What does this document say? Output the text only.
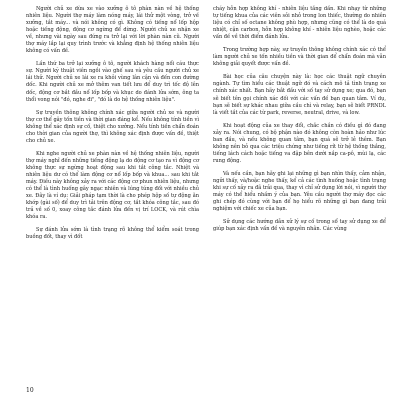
Người chủ xe dừa xe vào xưởng ô tô phàn nàn về hệ thống nhiên liệu. Người thợ máy làm nóng máy, lái thử một vòng, trở về xưởng, tắt máy... và nói không có gì. Không có tiếng nổ lốp hộp hoặc tiếng động, động cơ ngừng để dừng. Người chủ xe nhận xe về, nhưng vài ngày sau đứng ra trở lại với lời phàn nàn cũ. Người thợ máy lắp lại quy trình trước và khẳng định hệ thống nhiên liệu không có vấn đề.

Lần thứ ba trở lại xưởng ô tô, người khách hàng nổi cáu thực sự. Người kỹ thuật viên ngồi vào ghế sau và yêu cầu người chủ xe lái thử. Người chủ xe lái xe ra khỏi vùng lân cận và đến con đường dốc. Khi người chủ xe mở thêm van tiết lưu để duy trì tốc độ lên dốc, động cơ bắt đầu nổ lốp bốp và khục do đánh lửa sớm, ông ta thổi vong nói "đó, nghe đi", "đó là do hệ thống nhiên liệu".

Sự truyền thông không chính xác giữa người chủ xe và người thợ cơ thể gây tốn tiền và thời gian đáng kể. Nếu không tính tiền vì không thể xác định sự cố, thiệt cho xưởng. Nếu tính tiền chẩn đoán cho thời gian của người thợ, thì không xác định được vấn đề, thiệt cho chủ xe.

Khi nghe người chủ xe phàn nàn về hệ thống nhiên liệu, người thợ máy nghĩ đến những tiếng động lạ do động cơ tạo ra vì động cơ không thực sự ngừng hoạt động sau khi tắt công tắc. Nhiệt và nhiên liệu dư có thể làm động cơ nổ lốp bốp và khua... sau khi tắt máy. Điều này không xảy ra với các động cơ phun nhiên liệu, nhưng có thể là tình huống gây ngạc nhiên và lúng túng đối với nhiều chủ xe. Đây là ví dụ: Giải pháp tạm thời là cho phép hộp số tự động ăn khớp (gài số) để duy trì tải trên động cơ, tắt khóa công tắc, sau đó trả về số 0, xoay công tắc đánh lửa đến vị trí LOCK, và rút chìa khóa ra.

Sự đánh lửa sớm là tình trạng rõ không thể kiểm soát trong buồng đốt, thay vì đốt

cháy hỗn hợp không khí - nhiên liệu tăng dần. Khi nhạy từ những tự tiếng khua của các viên sỏi nhỏ trong lon thiếc, thường do nhiên liệu có chỉ số octane không phù hợp, nhưng cũng có thể là do quá nhiệt, cặn carbon, hỗn hợp không khí - nhiên liệu nghèo, hoặc các vấn đề về thời điểm đánh lửa.

Trong trường hợp này, sự truyền thông không chính xác có thể làm người chủ xe tốn nhiều tiền và thời gian để chẩn đoán mà vẫn không giải quyết được vấn đề.

Bài học của câu chuyện này là: học các thuật ngữ chuyên ngành. Tự tìm hiểu các thuật ngữ đó và cách mô tả tình trạng xe chính xác nhất. Bạn hãy bắt đầu với số tay sử dụng xe; qua đó, bạn sẽ biết tên gọi chính xác đối với các vấn đề bạn quan tâm. Ví dụ, bạn sẽ biết sự khác nhau giữa cầu chì và relay, bạn sẽ biết PRNDL là viết tắt của các từ park, reverse, neutral, drive, và low.

Khi hoạt động của xe thay đổi, chắc chắn có điều gì đó đang xảy ra. Nói chung, có bộ phận nào đó không còn hoàn hảo như lúc ban đầu, và nếu không quan tâm, bạn quá sẽ trở lẻ thêm. Bạn không nên bỏ qua các triệu chứng như tiếng rít từ hệ thống thắng, tiếng lách cách hoặc tiếng va đập bên dưới nắp ca-pô, mùi lạ, các rung động.

Và nếu cần, bạn hãy ghi lại những gì bạn nhìn thấy, cảm nhận, ngửi thấy, và/hoặc nghe thấy, kể cả các tình huống hoặc tình trạng khi sự cố xảy ra đã trải qua, thay vì chỉ sử dụng lời nói, vì người thợ máy có thể hiểu nhầm ý của bạn. Yêu cầu người thợ máy đọc các ghi chép đó cùng với bạn để họ hiểu rõ những gì bạn đang trải nghiệm với chiếc xe của bạn.

Sử dụng các hướng dẫn xử lý sự cố trong sổ tay sử dụng xe để giúp bạn xác định vấn đề và nguyên nhân. Các vùng

10
